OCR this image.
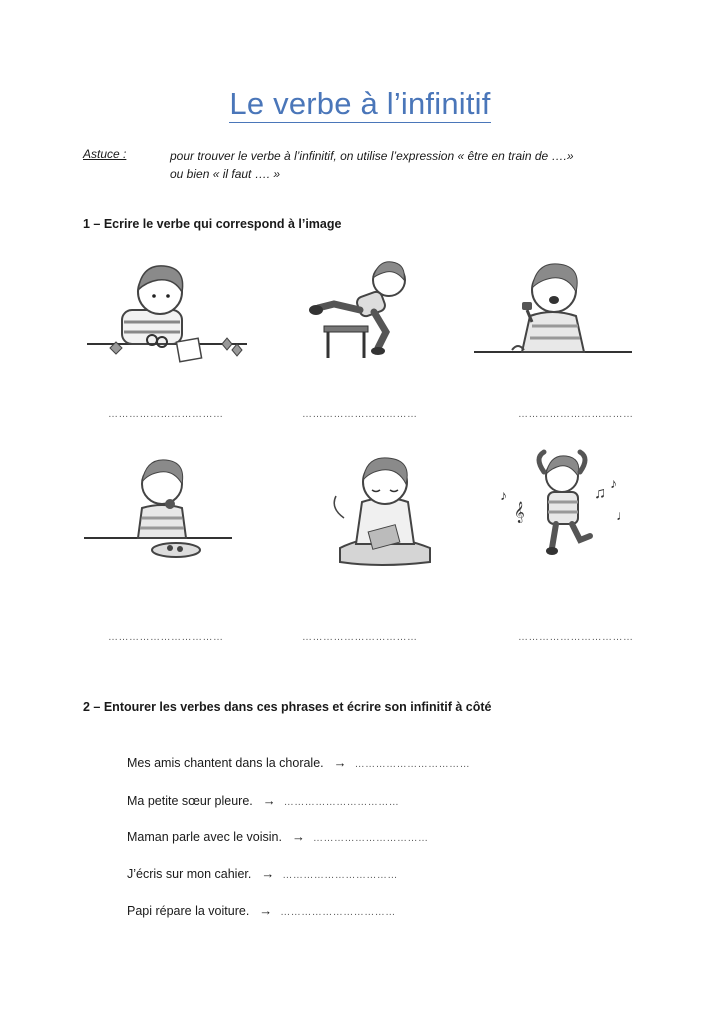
Le verbe à l’infinitif
Astuce :	pour trouver le verbe à l’infinitif, on utilise l’expression « être en train de ….»
ou bien « il faut …. »
1 – Ecrire le verbe qui correspond à l’image
……………………………	……………………………	……………………………
♪
𝄞
♫
♪
♩
……………………………	……………………………	……………………………
2 – Entourer les verbes dans ces phrases et écrire son infinitif à côté
Mes amis chantent dans la chorale. → ……………………………
Ma petite sœur pleure. → ……………………………
Maman parle avec le voisin. → ……………………………
J’écris sur mon cahier. → ……………………………
Papi répare la voiture. → ……………………………
